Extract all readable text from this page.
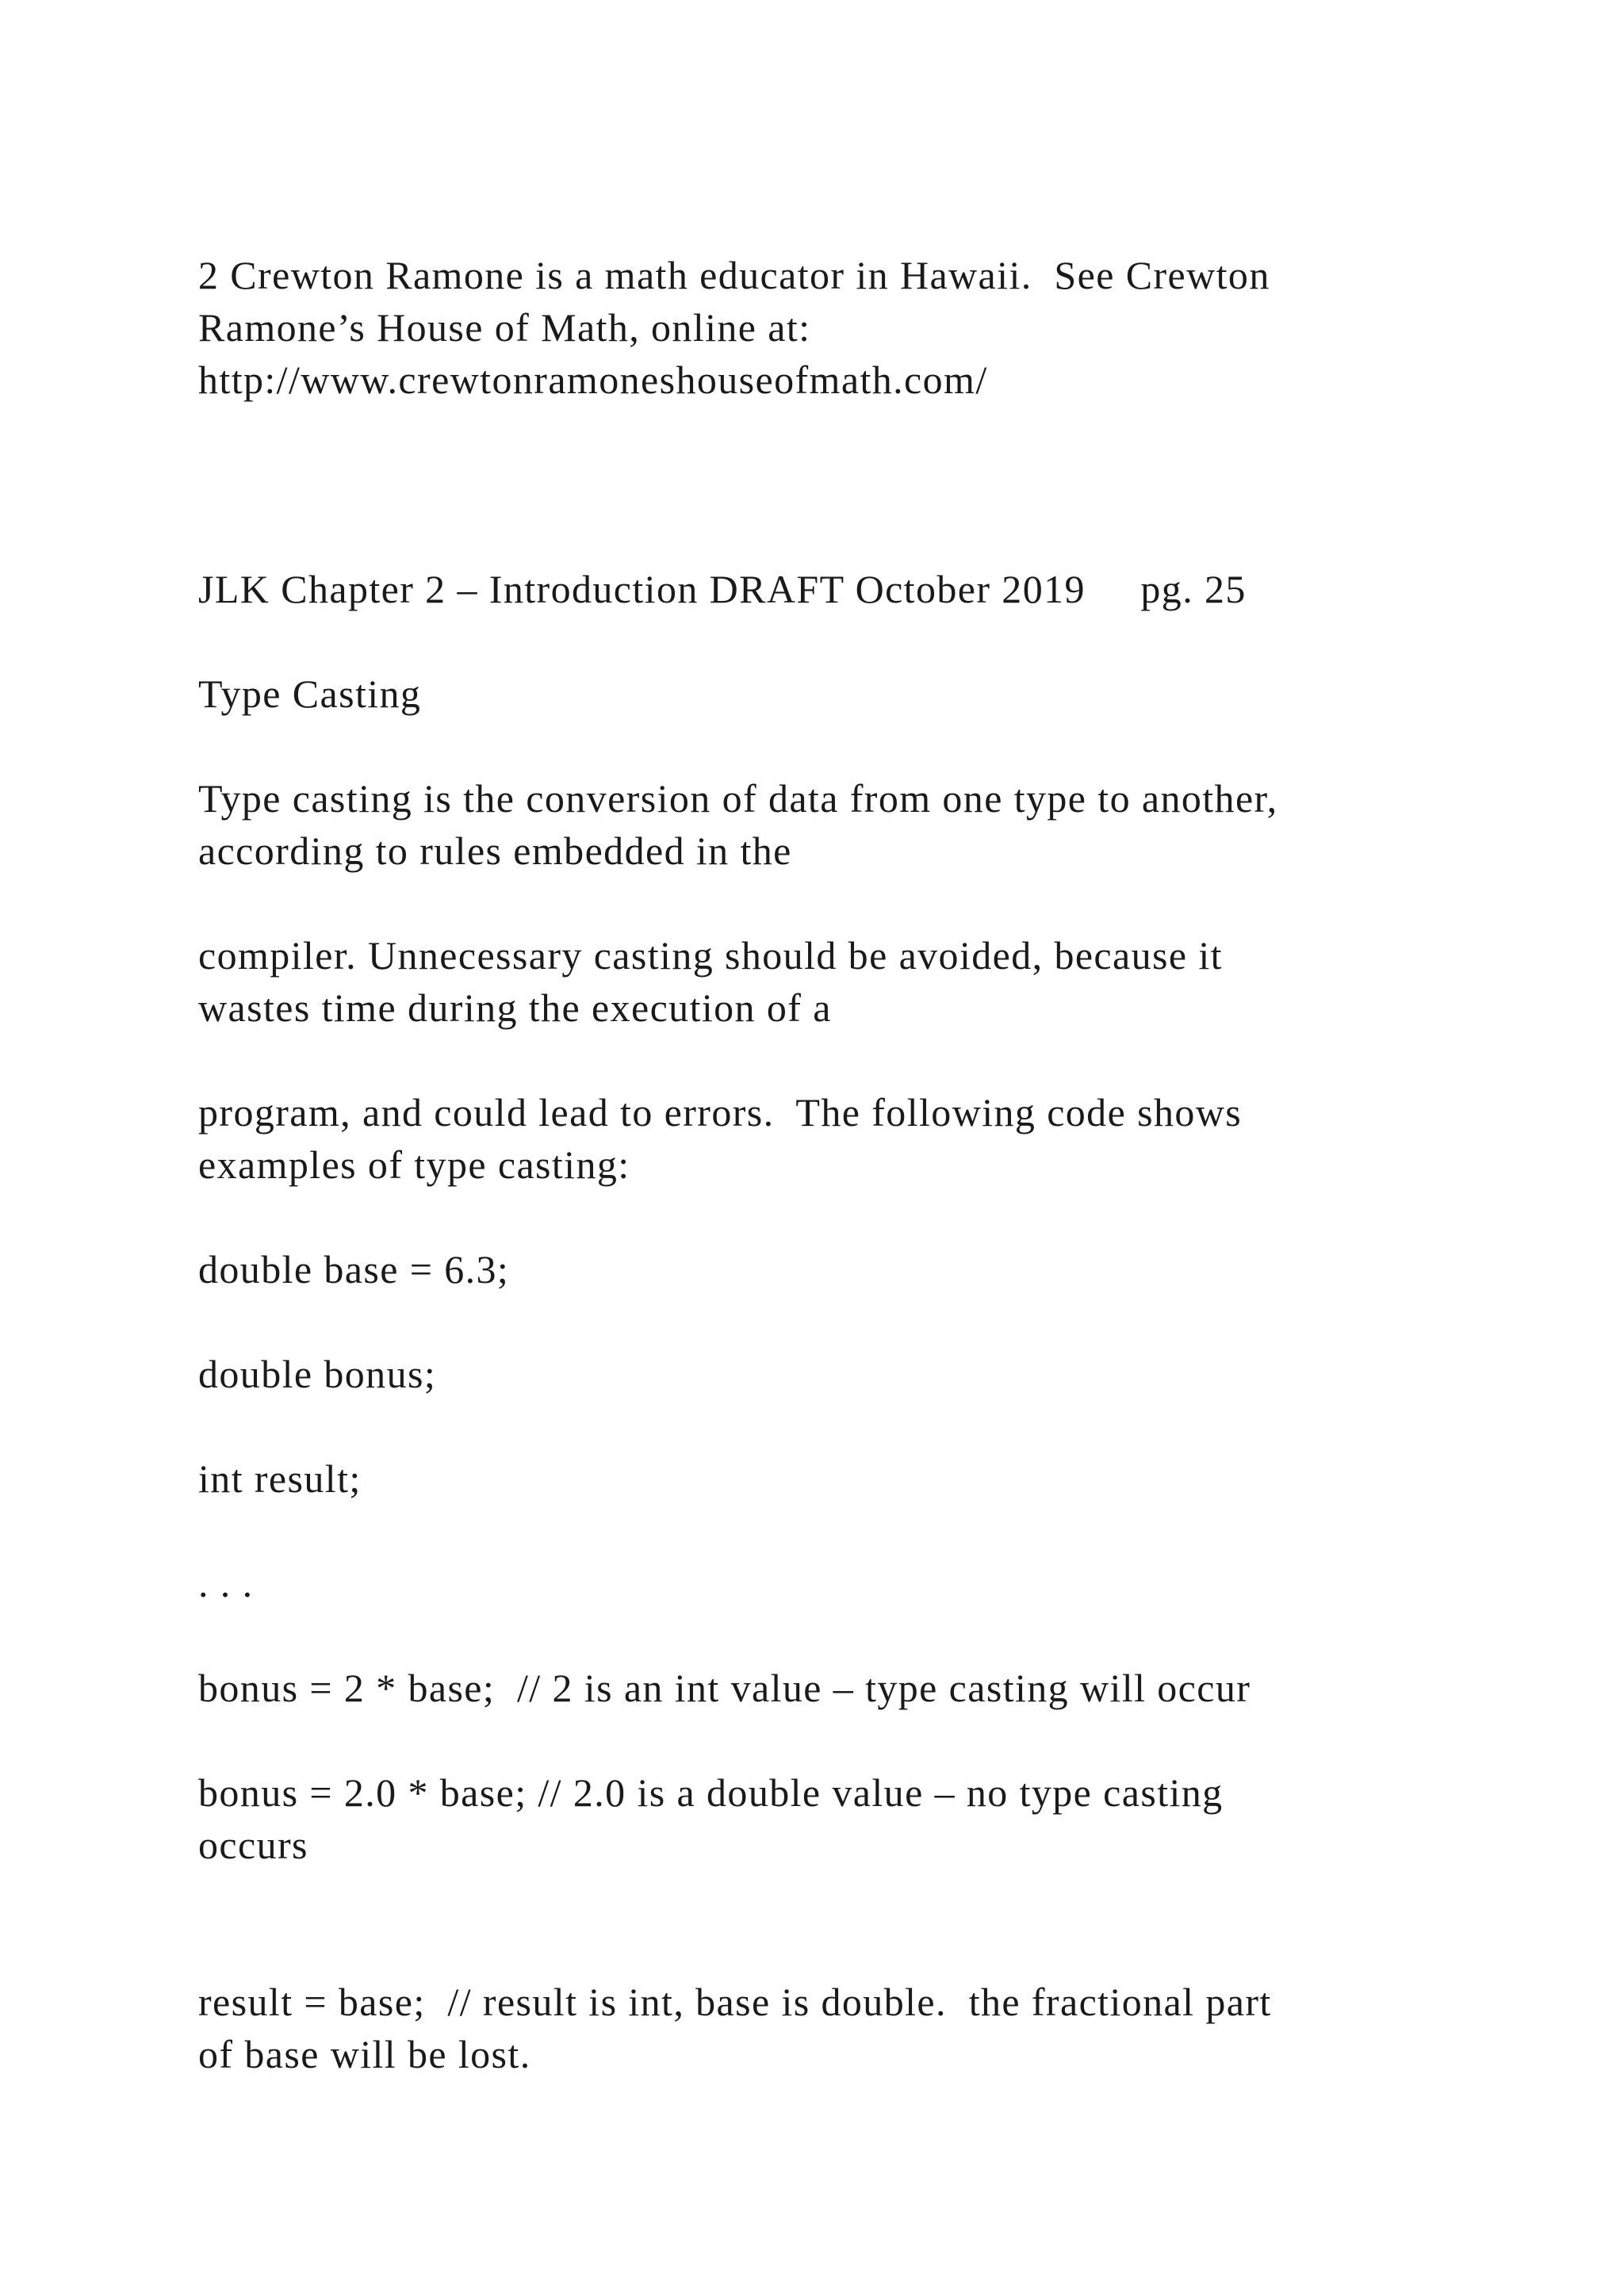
2 Crewton Ramone is a math educator in Hawaii.  See Crewton
Ramone’s House of Math, online at:
http://www.crewtonramoneshouseofmath.com/
JLK Chapter 2 – Introduction DRAFT October 2019     pg. 25
Type Casting
Type casting is the conversion of data from one type to another,
according to rules embedded in the
compiler. Unnecessary casting should be avoided, because it
wastes time during the execution of a
program, and could lead to errors.  The following code shows
examples of type casting:
double base = 6.3;
double bonus;
int result;
. . .
bonus = 2 * base;  // 2 is an int value – type casting will occur
bonus = 2.0 * base; // 2.0 is a double value – no type casting
occurs
result = base;  // result is int, base is double.  the fractional part
of base will be lost.
